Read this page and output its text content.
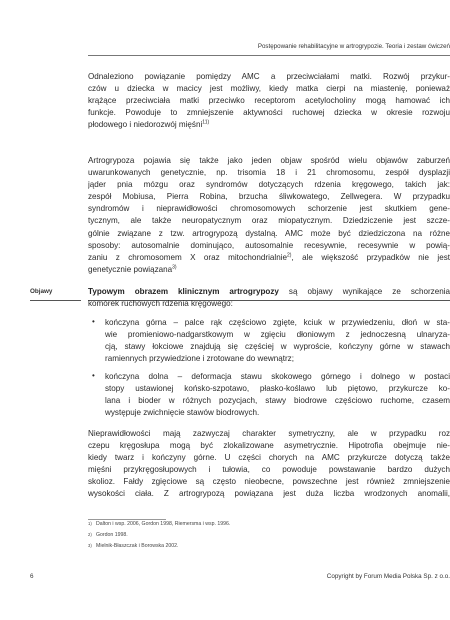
Postępowanie rehabilitacyjne w artrogrypozie. Teoria i zestaw ćwiczeń
Odnaleziono powiązanie pomiędzy AMC a przeciwciałami matki. Rozwój przykur-
czów u dziecka w macicy jest możliwy, kiedy matka cierpi na miastenię, ponieważ
krążące przeciwciała matki przeciwko receptorom acetylocholiny mogą hamować ich
funkcje. Powoduje to zmniejszenie aktywności ruchowej dziecka w okresie rozwoju
płodowego i niedorozwój mięśni$^{11)}$
Artrogrypoza pojawia się także jako jeden objaw spośród wielu objawów zaburzeń
uwarunkowanych genetycznie, np. trisomia 18 i 21 chromosomu, zespół dysplazji
jąder pnia mózgu oraz syndromów dotyczących rdzenia kręgowego, takich jak:
zespół Mobiusa, Pierra Robina, brzucha śliwkowatego, Zellwegera. W przypadku
syndromów i nieprawidłowości chromosomowych schorzenie jest skutkiem gene-
tycznym, ale także neuropatycznym oraz miopatycznym. Dziedziczenie jest szcze-
gólnie związane z tzw. artrogrypozą dystalną. AMC może być dziedziczona na różne
sposoby: autosomalnie dominująco, autosomalnie recesywnie, recesywnie w powią-
zaniu z chromosomem X oraz mitochondrialnie$^{2)}$, ale większość przypadków nie jest
genetycznie powiązana$^{3)}$
Objawy	Typowym obrazem klinicznym artrogrypozy są objawy wynikające ze schorzenia
komórek ruchowych rdzenia kręgowego:
• kończyna górna – palce rąk częściowo zgięte, kciuk w przywiedzeniu, dłoń w sta-
wie promieniowo-nadgarstkowym w zgięciu dłoniowym z jednoczesną ulnaryza-
cją, stawy łokciowe znajdują się częściej w wyproście, kończyny górne w stawach
ramiennych przywiedzione i zrotowane do wewnątrz;
• kończyna dolna – deformacja stawu skokowego górnego i dolnego w postaci
stopy ustawionej końsko-szpotawo, płasko-koślawo lub piętowo, przykurcze ko-
lana i bioder w różnych pozycjach, stawy biodrowe częściowo ruchome, czasem
występuje zwichnięcie stawów biodrowych.
Nieprawidłowości mają zazwyczaj charakter symetryczny, ale w przypadku roz
czepu kręgosłupa mogą być zlokalizowane asymetrycznie. Hipotrofia obejmuje nie-
kiedy twarz i kończyny górne. U części chorych na AMC przykurcze dotyczą także
mięśni przykręgosłupowych i tułowia, co powoduje powstawanie bardzo dużych
skolioz. Fałdy zgięciowe są często nieobecne, powszechne jest również zmniejszenie
wysokości ciała. Z artrogrypozą powiązana jest duża liczba wrodzonych anomalii,
1) Dalton i wsp. 2006, Gordon 1998, Riemersma i wsp. 1996.
2) Gordon 1998.
3) Mielnik-Błaszczak i Borowska 2002.
6	Copyright by Forum Media Polska Sp. z o.o.
